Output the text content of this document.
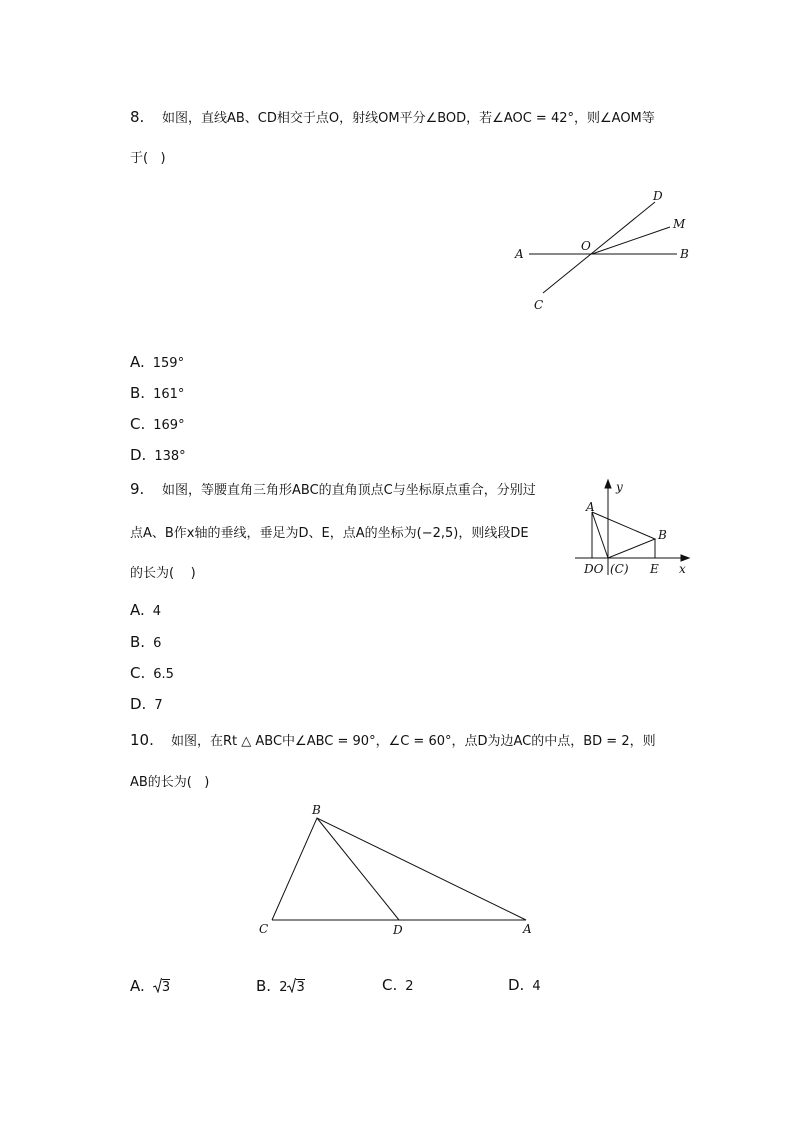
8. 如图，直线AB、CD相交于点O，射线OM平分∠BOD，若∠AOC = 42°，则∠AOM等
于(   )
A	B
C
D
O
M
A. 159°
B. 161°
C. 169°
D. 138°
9. 如图，等腰直角三角形ABC的直角顶点C与坐标原点重合，分别过
点A、B作x轴的垂线，垂足为D、E，点A的坐标为(−2,5)，则线段DE
的长为(    )
y
x
A
B
DO (C) E
A. 4
B. 6
C. 6.5
D. 7
10. 如图，在Rt △ ABC中∠ABC = 90°，∠C = 60°，点D为边AC的中点，BD = 2，则
AB的长为(   )
B
C	D	A
A. 3	B. 2 3	C. 2	D. 4
